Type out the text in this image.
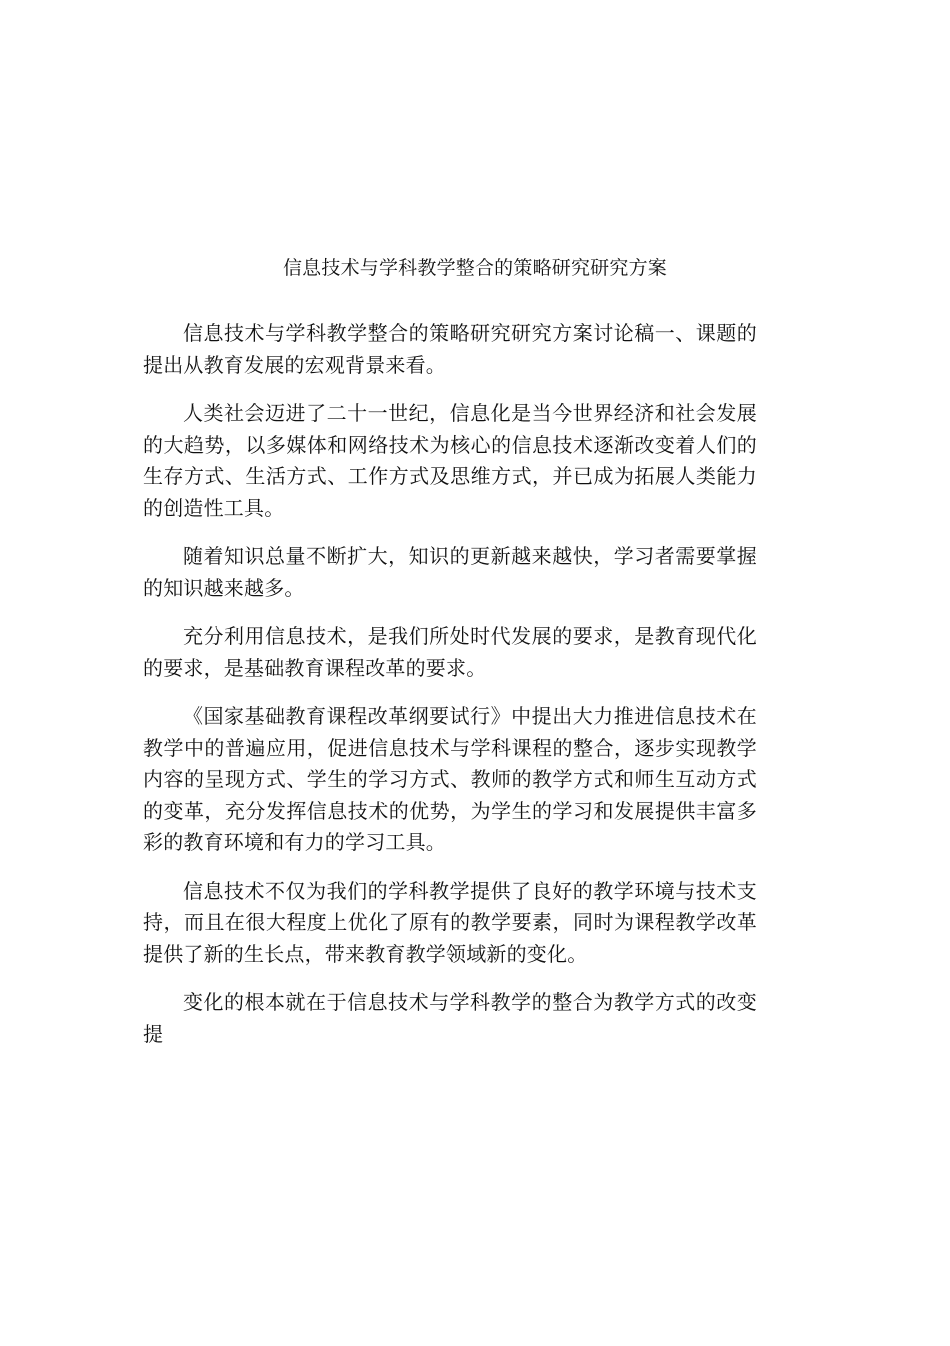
信息技术与学科教学整合的策略研究研究方案

信息技术与学科教学整合的策略研究研究方案讨论稿一、课题的提出从教育发展的宏观背景来看。

人类社会迈进了二十一世纪，信息化是当今世界经济和社会发展的大趋势，以多媒体和网络技术为核心的信息技术逐渐改变着人们的生存方式、生活方式、工作方式及思维方式，并已成为拓展人类能力的创造性工具。

随着知识总量不断扩大，知识的更新越来越快，学习者需要掌握的知识越来越多。

充分利用信息技术，是我们所处时代发展的要求，是教育现代化的要求，是基础教育课程改革的要求。

《国家基础教育课程改革纲要试行》中提出大力推进信息技术在教学中的普遍应用，促进信息技术与学科课程的整合，逐步实现教学内容的呈现方式、学生的学习方式、教师的教学方式和师生互动方式的变革，充分发挥信息技术的优势，为学生的学习和发展提供丰富多彩的教育环境和有力的学习工具。

信息技术不仅为我们的学科教学提供了良好的教学环境与技术支持，而且在很大程度上优化了原有的教学要素，同时为课程教学改革提供了新的生长点，带来教育教学领域新的变化。

变化的根本就在于信息技术与学科教学的整合为教学方式的改变提
